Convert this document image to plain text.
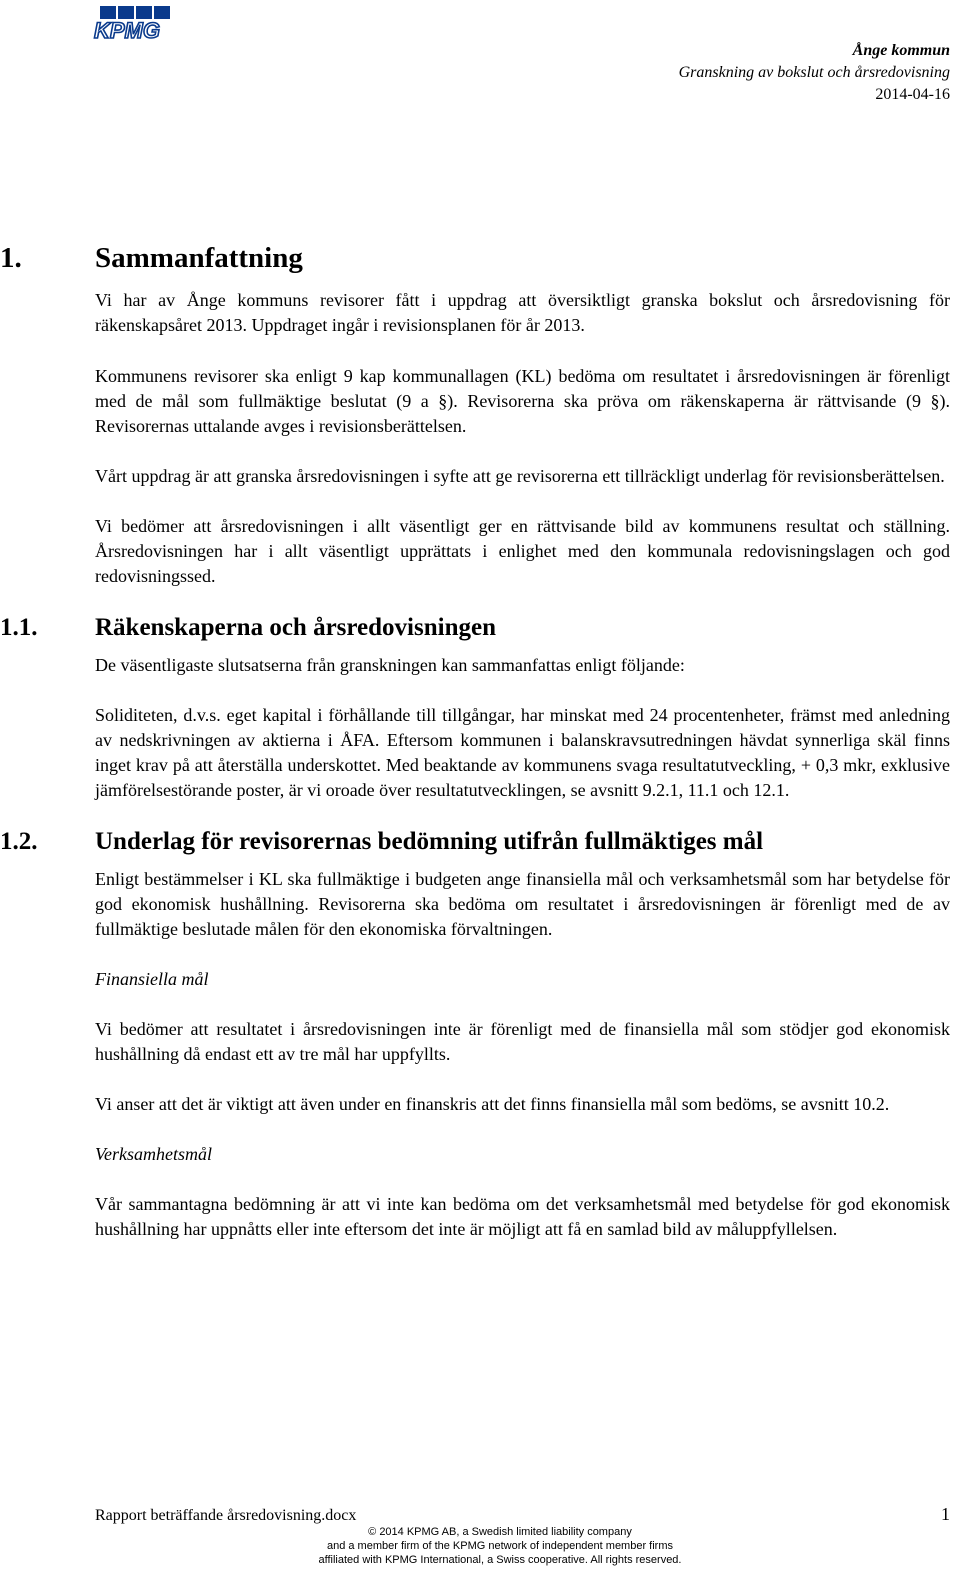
KPMG
Ånge kommun
Granskning av bokslut och årsredovisning
2014-04-16
1.	Sammanfattning

Vi har av Ånge kommuns revisorer fått i uppdrag att översiktligt granska bokslut och årsredovisning för räkenskapsåret 2013. Uppdraget ingår i revisionsplanen för år 2013.

Kommunens revisorer ska enligt 9 kap kommunallagen (KL) bedöma om resultatet i årsredovisningen är förenligt med de mål som fullmäktige beslutat (9 a §). Revisorerna ska pröva om räkenskaperna är rättvisande (9 §). Revisorernas uttalande avges i revisionsberättelsen.

Vårt uppdrag är att granska årsredovisningen i syfte att ge revisorerna ett tillräckligt underlag för revisionsberättelsen.

Vi bedömer att årsredovisningen i allt väsentligt ger en rättvisande bild av kommunens resultat och ställning. Årsredovisningen har i allt väsentligt upprättats i enlighet med den kommunala redovisningslagen och god redovisningssed.

1.1. Räkenskaperna och årsredovisningen

De väsentligaste slutsatserna från granskningen kan sammanfattas enligt följande:

Soliditeten, d.v.s. eget kapital i förhållande till tillgångar, har minskat med 24 procentenheter, främst med anledning av nedskrivningen av aktierna i ÅFA. Eftersom kommunen i balanskravsutredningen hävdat synnerliga skäl finns inget krav på att återställa underskottet. Med beaktande av kommunens svaga resultatutveckling, + 0,3 mkr, exklusive jämförelsestörande poster, är vi oroade över resultatutvecklingen, se avsnitt 9.2.1, 11.1 och 12.1.

1.2. Underlag för revisorernas bedömning utifrån fullmäktiges mål

Enligt bestämmelser i KL ska fullmäktige i budgeten ange finansiella mål och verksamhetsmål som har betydelse för god ekonomisk hushållning. Revisorerna ska bedöma om resultatet i årsredovisningen är förenligt med de av fullmäktige beslutade målen för den ekonomiska förvaltningen.

Finansiella mål

Vi bedömer att resultatet i årsredovisningen inte är förenligt med de finansiella mål som stödjer god ekonomisk hushållning då endast ett av tre mål har uppfyllts.

Vi anser att det är viktigt att även under en finanskris att det finns finansiella mål som bedöms, se avsnitt 10.2.

Verksamhetsmål

Vår sammantagna bedömning är att vi inte kan bedöma om det verksamhetsmål med betydelse för god ekonomisk hushållning har uppnåtts eller inte eftersom det inte är möjligt att få en samlad bild av måluppfyllelsen.

Rapport beträffande årsredovisning.docx	1
© 2014 KPMG AB, a Swedish limited liability company
and a member firm of the KPMG network of independent member firms
affiliated with KPMG International, a Swiss cooperative. All rights reserved.
